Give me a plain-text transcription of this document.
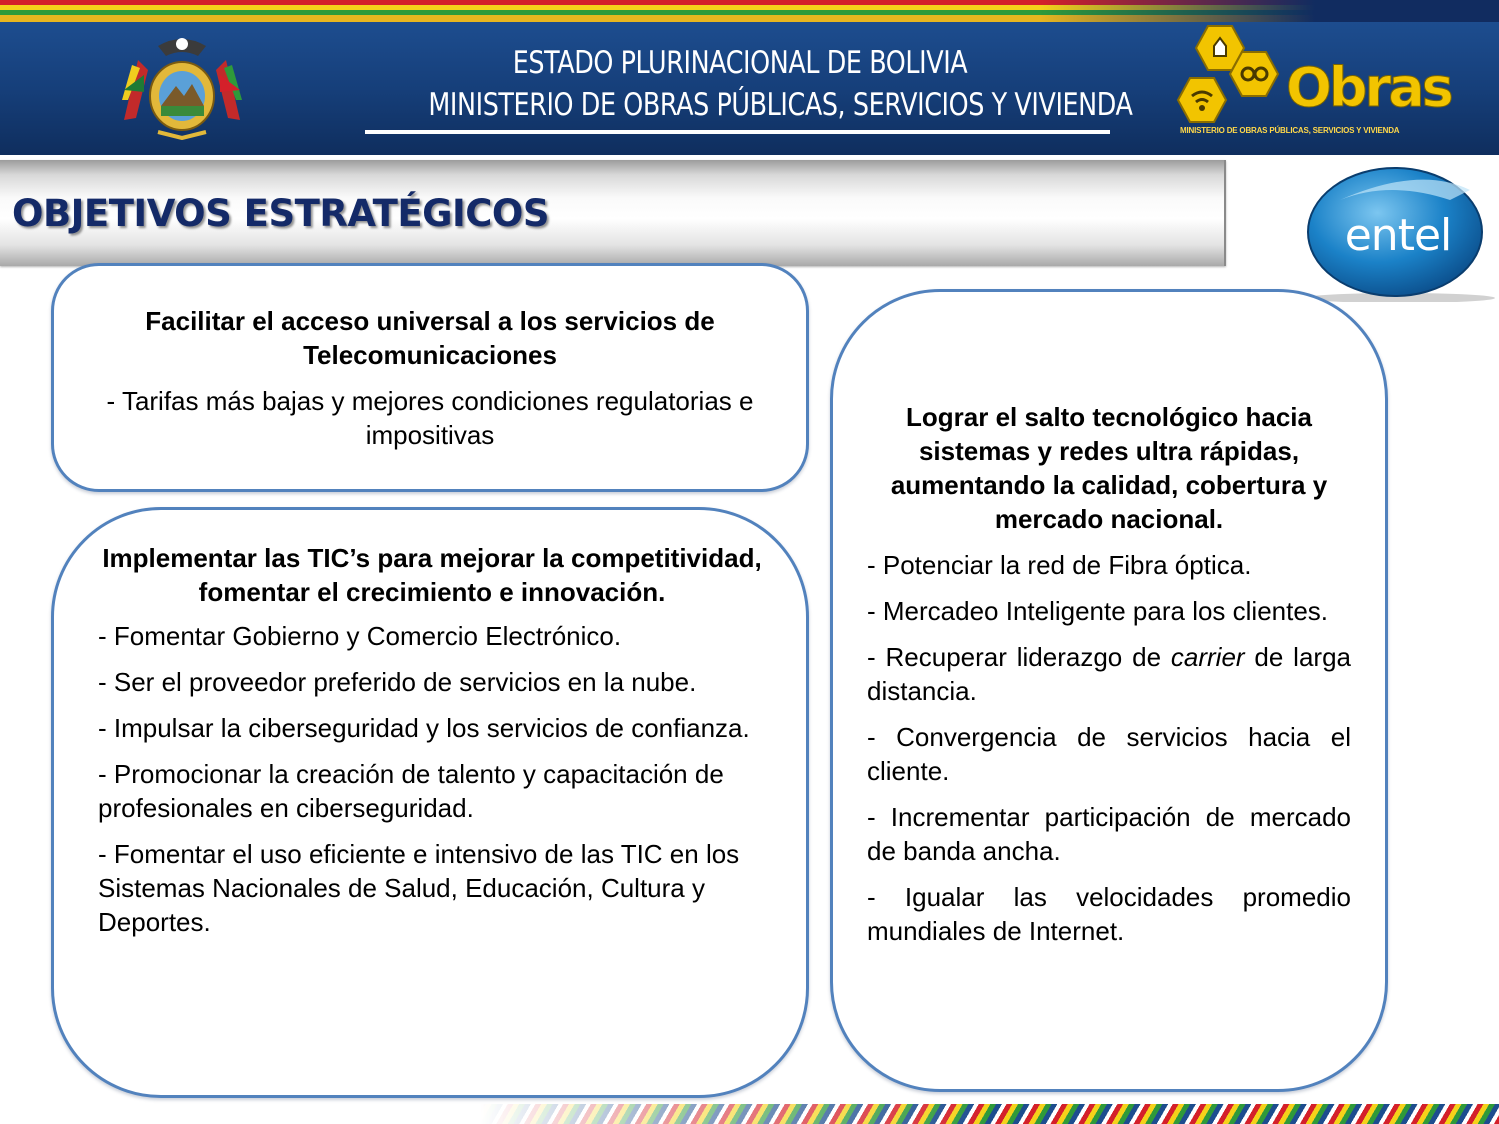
ESTADO PLURINACIONAL DE BOLIVIA
MINISTERIO DE OBRAS PÚBLICAS, SERVICIOS Y VIVIENDA	Obras
MINISTERIO DE OBRAS PÚBLICAS, SERVICIOS Y VIVIENDA
OBJETIVOS ESTRATÉGICOS	entel

Facilitar el acceso universal a los servicios de Telecomunicaciones

- Tarifas más bajas y mejores condiciones regulatorias e impositivas

Implementar las TIC’s para mejorar la competitividad, fomentar el crecimiento e innovación.

- Fomentar Gobierno y Comercio Electrónico.

- Ser el proveedor preferido de servicios en la nube.

- Impulsar la ciberseguridad y los servicios de confianza.

- Promocionar la creación de talento y capacitación de profesionales en ciberseguridad.

- Fomentar el uso eficiente e intensivo de las TIC en los Sistemas Nacionales de Salud, Educación, Cultura y Deportes.

Lograr el salto tecnológico hacia sistemas y redes ultra rápidas, aumentando la calidad, cobertura y mercado nacional.

- Potenciar la red de Fibra óptica.

- Mercadeo Inteligente para los clientes.

- Recuperar liderazgo de carrier de larga distancia.

- Convergencia de servicios hacia el cliente.

- Incrementar participación de mercado de banda ancha.

- Igualar las velocidades promedio mundiales de Internet.
